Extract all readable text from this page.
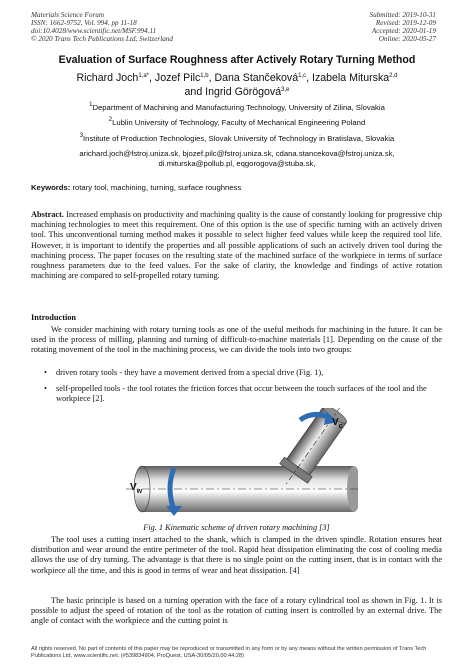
Materials Science Forum
ISSN: 1662-9752, Vol. 994, pp 11-18
doi:10.4028/www.scientific.net/MSF.994.11
© 2020 Trans Tech Publications Ltd, Switzerland
Submitted: 2019-10-31
Revised: 2019-12-09
Accepted: 2020-01-19
Online: 2020-05-27
Evaluation of Surface Roughness after Actively Rotary Turning Method
Richard Joch$^{1,a*}$, Jozef Pilc$^{1,b}$, Dana Stančeková$^{1,c}$, Izabela Miturska$^{2,d}$
and Ingrid Görögová$^{3,e}$
$^1$Department of Machining and Manufacturing Technology, University of Zilina, Slovakia
$^2$Lublin University of Technology, Faculty of Mechanical Engineering Poland
$^3$Institute of Production Technologies, Slovak University of Technology in Bratislava, Slovakia
arichard.joch@fstroj.uniza.sk, bjozef.pilc@fstroj.uniza.sk, cdana.stancekova@fstroj.uniza.sk,
di.miturska@pollub.pl, eqgorogova@stuba.sk,
Keywords: rotary tool, machining, turning, surface roughness
Abstract. Increased emphasis on productivity and machining quality is the cause of constantly looking for progressive chip machining technologies to meet this requirement. One of this option is the use of specific turning with an actively driven tool. This unconventional turning method makes it possible to select higher feed values while keep the required tool life. However, it is important to identify the properties and all possible applications of such an actively driven tool during the machining process. The paper focuses on the resulting state of the machined surface of the workpiece in terms of surface roughness parameters due to the feed values. For the sake of clarity, the knowledge and findings of active rotation machining are compared to self-propelled rotary turning.
Introduction
We consider machining with rotary turning tools as one of the useful methods for machining in the future. It can be used in the process of milling, planning and turning of difficult-to-machine materials [1]. Depending on the cause of the rotating movement of the tool in the machining process, we can divide the tools into two groups:
• driven rotary tools - they have a movement derived from a special drive (Fig. 1),
• self-propelled tools - the tool rotates the friction forces that occur between the touch surfaces of the tool and the workpiece [2].
$V_w$
$V_c$
Fig. 1 Kinematic scheme of driven rotary machining [3]
The tool uses a cutting insert attached to the shank, which is clamped in the driven spindle. Rotation ensures heat distribution and wear around the entire perimeter of the tool. Rapid heat dissipation eliminating the cost of cooling media allows the use of dry turning. The advantage is that there is no single point on the cutting insert, that is in contact with the workpiece all the time, and this is good in terms of wear and heat dissipation. [4]
The basic principle is based on a turning operation with the face of a rotary cylindrical tool as shown in Fig. 1. It is possible to adjust the speed of rotation of the tool as the rotation of cutting insert is controlled by an external drive. The angle of contact with the workpiece and the cutting point is
All rights reserved. No part of contents of this paper may be reproduced or transmitted in any form or by any means without the written permission of Trans Tech Publications Ltd, www.scientific.net. (#539834904, ProQuest, USA-30/05/20,00:44:28)
